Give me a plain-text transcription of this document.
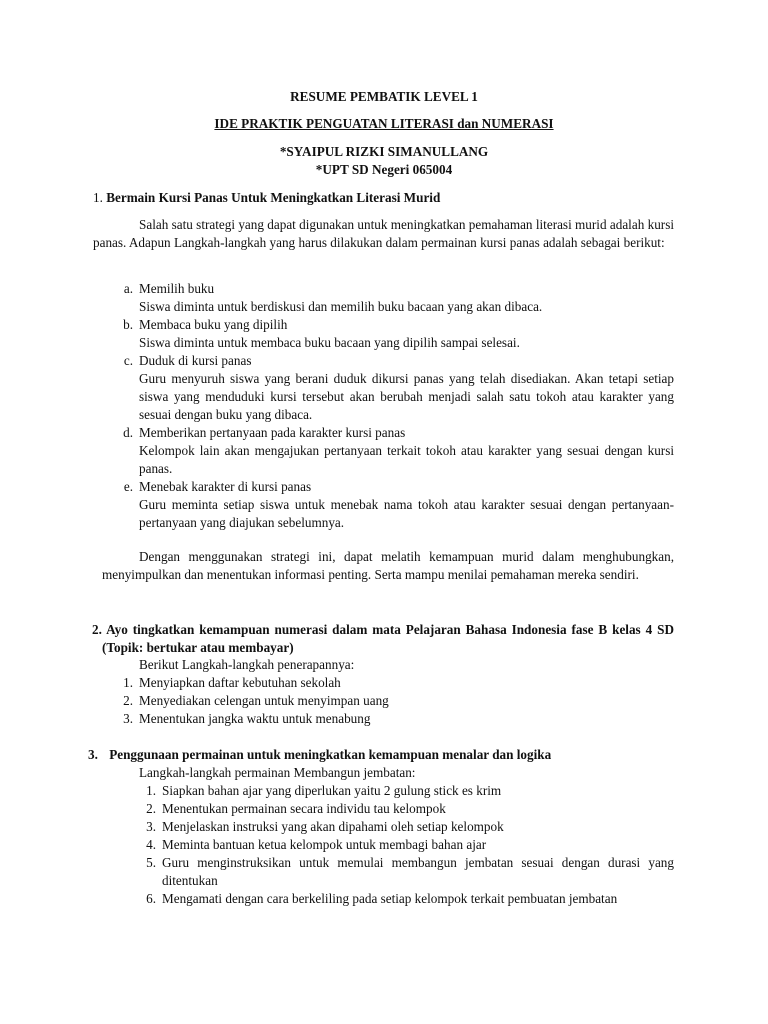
RESUME PEMBATIK LEVEL 1
IDE PRAKTIK PENGUATAN LITERASI dan NUMERASI
*SYAIPUL RIZKI SIMANULLANG
*UPT SD Negeri 065004
1. Bermain Kursi Panas Untuk Meningkatkan Literasi Murid
Salah satu strategi yang dapat digunakan untuk meningkatkan pemahaman literasi murid adalah kursi panas. Adapun Langkah-langkah yang harus dilakukan dalam permainan kursi panas adalah sebagai berikut:
a. Memilih buku
Siswa diminta untuk berdiskusi dan memilih buku bacaan yang akan dibaca.
b. Membaca buku yang dipilih
Siswa diminta untuk membaca buku bacaan yang dipilih sampai selesai.
c. Duduk di kursi panas
Guru menyuruh siswa yang berani duduk dikursi panas yang telah disediakan. Akan tetapi setiap siswa yang menduduki kursi tersebut akan berubah menjadi salah satu tokoh atau karakter yang sesuai dengan buku yang dibaca.
d. Memberikan pertanyaan pada karakter kursi panas
Kelompok lain akan mengajukan pertanyaan terkait tokoh atau karakter yang sesuai dengan kursi panas.
e. Menebak karakter di kursi panas
Guru meminta setiap siswa untuk menebak nama tokoh atau karakter sesuai dengan pertanyaan-pertanyaan yang diajukan sebelumnya.
Dengan menggunakan strategi ini, dapat melatih kemampuan murid dalam menghubungkan, menyimpulkan dan menentukan informasi penting. Serta mampu menilai pemahaman mereka sendiri.
2. Ayo tingkatkan kemampuan numerasi dalam mata Pelajaran Bahasa Indonesia fase B kelas 4 SD (Topik: bertukar atau membayar)
Berikut Langkah-langkah penerapannya:
1. Menyiapkan daftar kebutuhan sekolah
2. Menyediakan celengan untuk menyimpan uang
3. Menentukan jangka waktu untuk menabung
3. Penggunaan permainan untuk meningkatkan kemampuan menalar dan logika
Langkah-langkah permainan Membangun jembatan:
1. Siapkan bahan ajar yang diperlukan yaitu 2 gulung stick es krim
2. Menentukan permainan secara individu tau kelompok
3. Menjelaskan instruksi yang akan dipahami oleh setiap kelompok
4. Meminta bantuan ketua kelompok untuk membagi bahan ajar
5. Guru menginstruksikan untuk memulai membangun jembatan sesuai dengan durasi yang ditentukan
6. Mengamati dengan cara berkeliling pada setiap kelompok terkait pembuatan jembatan
